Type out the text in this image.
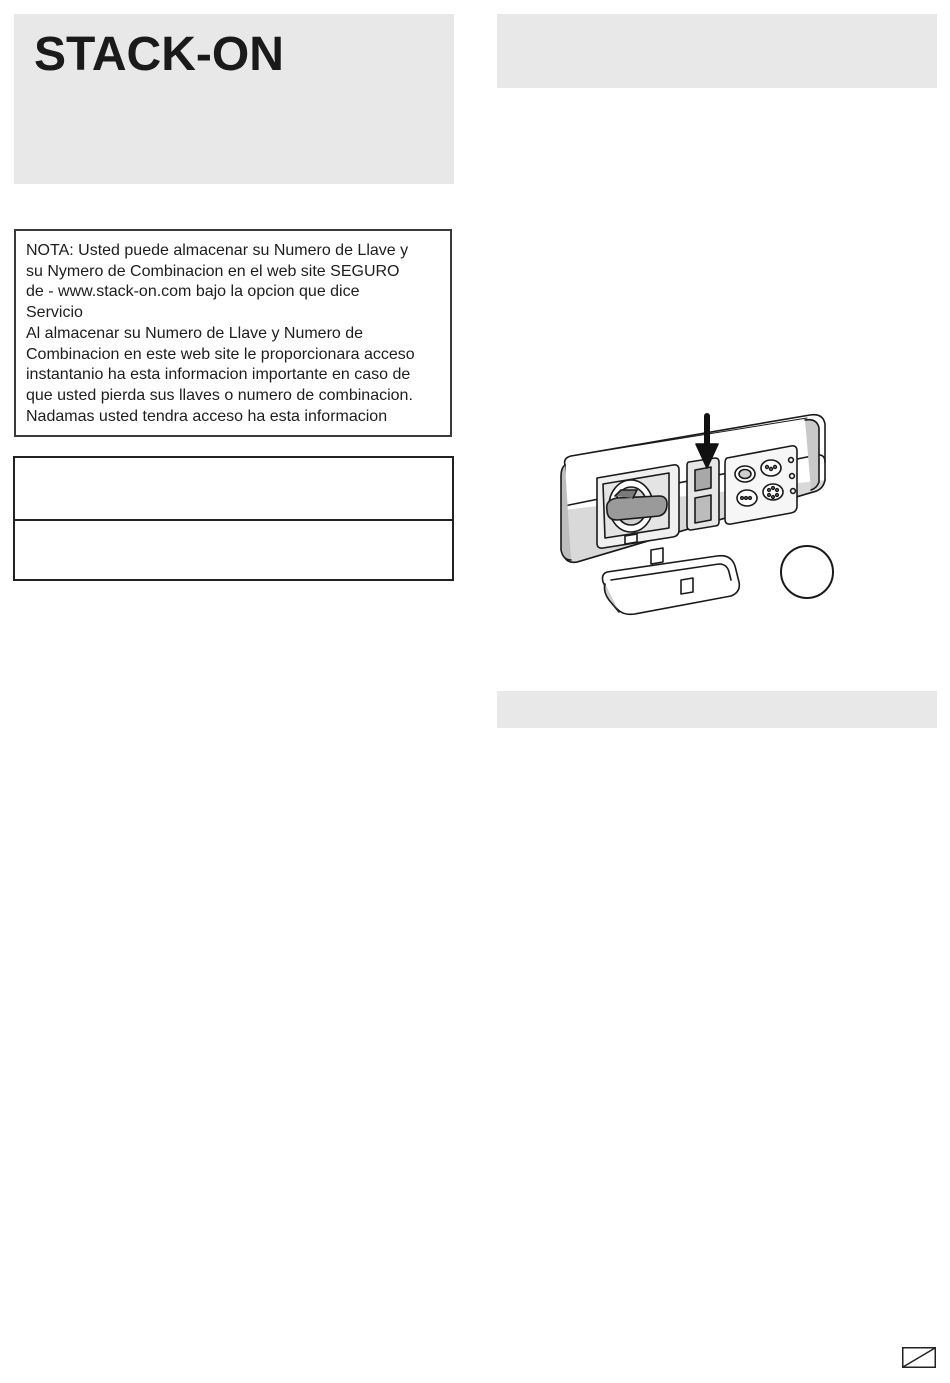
STACK-ON
NOTA: Usted puede almacenar su Numero de Llave y
su Nymero de Combinacion en el web site SEGURO
de - www.stack-on.com bajo la opcion que dice
Servicio
Al almacenar su Numero de Llave y Numero de
Combinacion en este web site le proporcionara acceso
instantanio ha esta informacion importante en caso de
que usted pierda sus llaves o numero de combinacion.
Nadamas usted tendra acceso ha esta informacion
